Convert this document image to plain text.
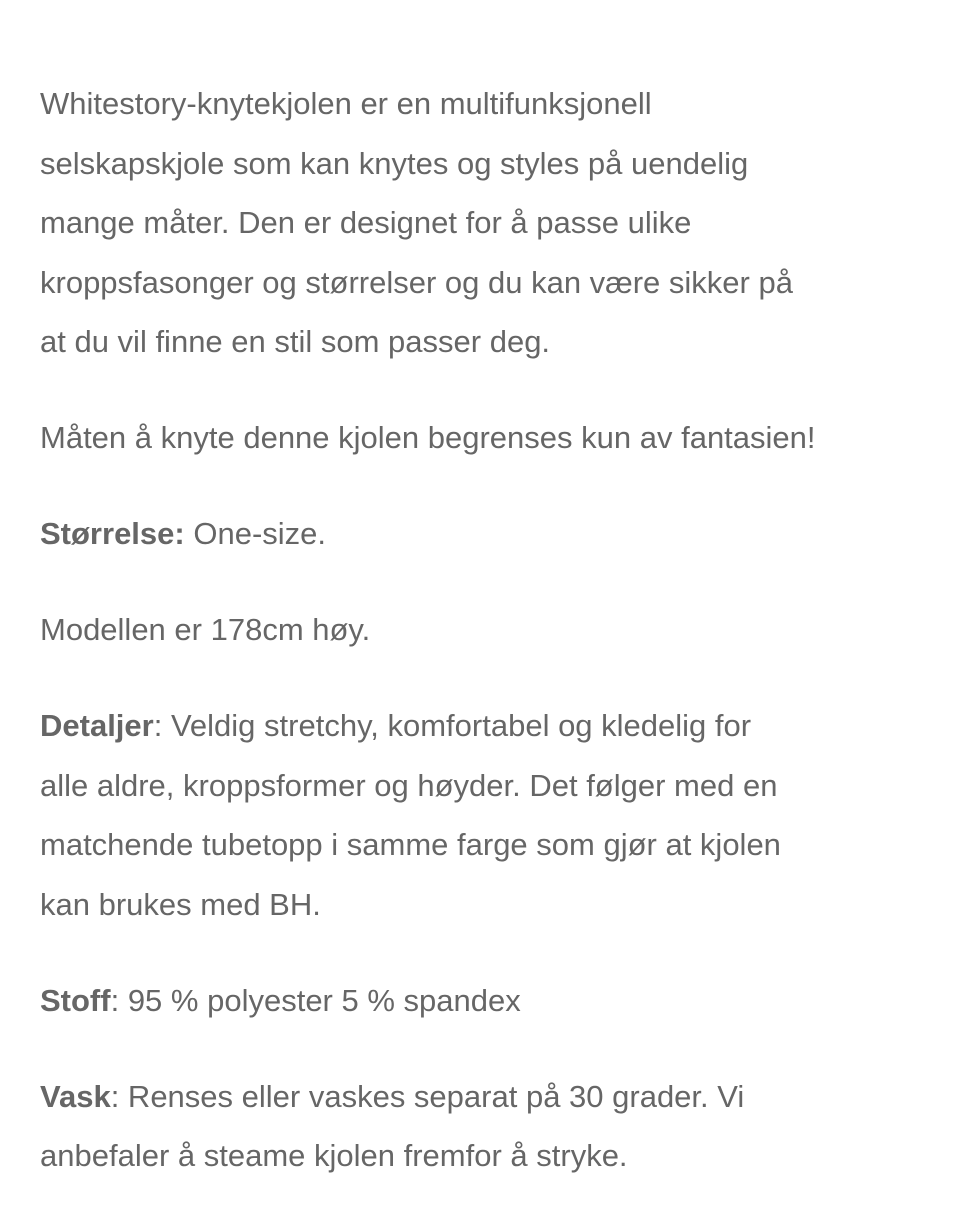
Whitestory-knytekjolen er en multifunksjonell
selskapskjole som kan knytes og styles på uendelig
mange måter. Den er designet for å passe ulike
kroppsfasonger og størrelser og du kan være sikker på
at du vil finne en stil som passer deg.
Måten å knyte denne kjolen begrenses kun av fantasien!
Størrelse: One-size.
Modellen er 178cm høy.
Detaljer: Veldig stretchy, komfortabel og kledelig for
alle aldre, kroppsformer og høyder. Det følger med en
matchende tubetopp i samme farge som gjør at kjolen
kan brukes med BH.
Stoff: 95 % polyester 5 % spandex
Vask: Renses eller vaskes separat på 30 grader. Vi
anbefaler å steame kjolen fremfor å stryke.
